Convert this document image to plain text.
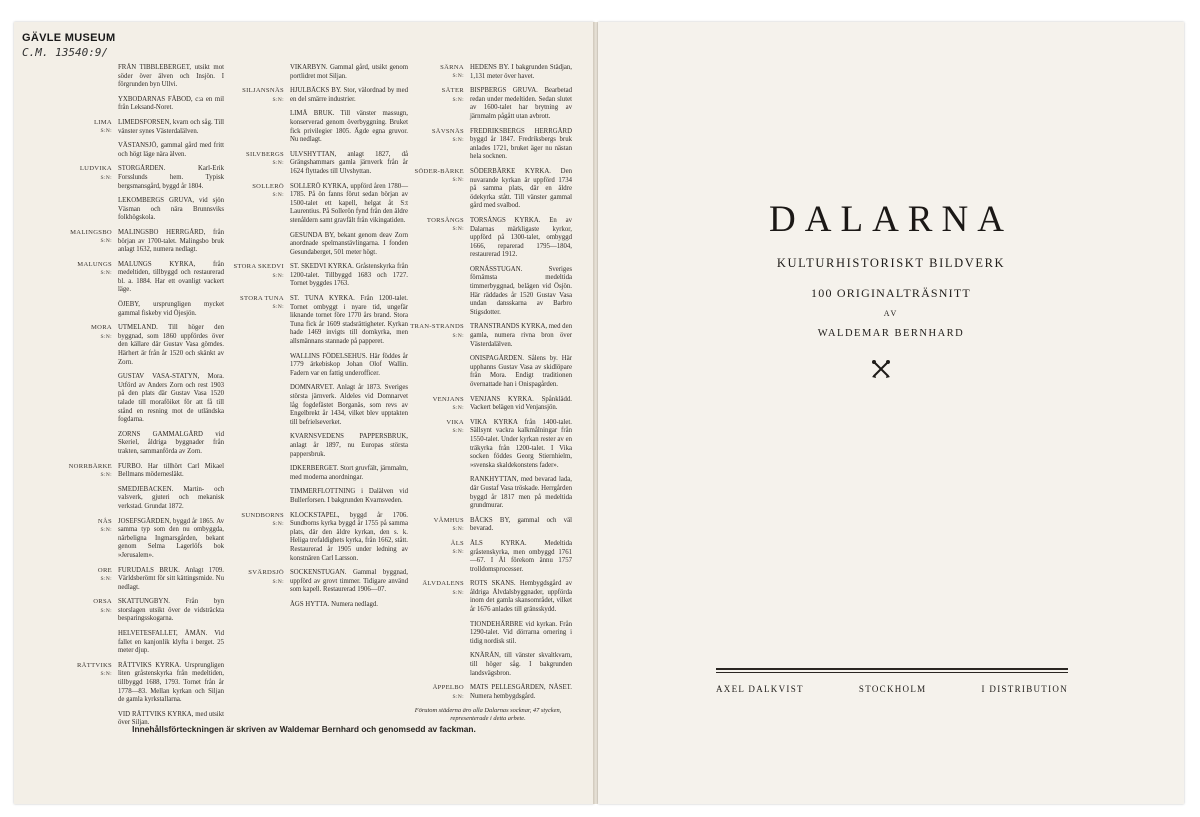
GÄVLE MUSEUM
C.M. 13540:9/
FRÅN TIBBLEBERGET, utsikt mot söder över älven och Insjön. I förgrunden byn Ullvi.
YXBODARNAS FÄBOD, c:a en mil från Leksand-Noret.
LIMA
S:N:
LIMEDSFORSEN, kvarn och såg. Till vänster synes Västerdalälven.
VÄSTANSJÖ, gammal gård med fritt och högt läge nära älven.
LUDVIKA
S:N:
STORGÅRDEN. Karl-Erik Forsslunds hem. Typisk bergsmansgård, byggd år 1804.
LEKOMBERGS GRUVA, vid sjön Väsman och nära Brunnsviks folkhögskola.
MALINGSBO
S:N:
MALINGSBO HERRGÅRD, från början av 1700-talet. Malingsbo bruk anlagt 1632, numera nedlagt.
MALUNGS
S:N:
MALUNGS KYRKA, från medeltiden, tillbyggd och restaurerad bl. a. 1884. Har ett ovanligt vackert läge.
ÖJEBY, ursprungligen mycket gammal fiskeby vid Öjesjön.
MORA
S:N:
UTMELAND. Till höger den byggnad, som 1860 uppfördes över den källare där Gustav Vasa gömdes. Härhert är från år 1520 och skänkt av Zorn.
GUSTAV VASA-STATYN, Mora. Utförd av Anders Zorn och rest 1903 på den plats där Gustav Vasa 1520 talade till moraföiket för att få till stånd en resning mot de utländska fogdarna.
ZORNS GAMMALGÅRD vid Skeriel, åldriga byggnader från trakten, sammanförda av Zorn.
NORRBÄRKE
S:N:
FURBO. Har tillhört Carl Mikael Bellmans mödernesläkt.
SMEDJEBACKEN. Martin- och valsverk, gjuteri och mekanisk verkstad. Grundat 1872.
NÅS
S:N:
JOSEFSGÅRDEN, byggd år 1865. Av samma typ som den nu ombyggda, närbeligna Ingmarsgården, bekant genom Selma Lagerlöfs bok »Jerusalem».
ORE
S:N:
FURUDALS BRUK. Anlagt 1709. Världsberömt för sitt kättingsmide. Nu nedlagt.
ORSA
S:N:
SKATTUNGBYN. Från byn storslagen utsikt över de vidsträckta besparingsskogarna.
HELVETESFALLET, ÄMÅN. Vid fallet en kanjonlik klyfta i berget. 25 meter djup.
RÄTTVIKS
S:N:
RÄTTVIKS KYRKA. Ursprungligen liten gråstenskyrka från medeltiden, tillbyggd 1688, 1793. Tornet från år 1778—83. Mellan kyrkan och Siljan de gamla kyrkstallarna.
VID RÄTTVIKS KYRKA, med utsikt över Siljan.
VIKARBYN. Gammal gård, utsikt genom portlidret mot Siljan.
SILJANSNÄS
S:N:
HJULBÄCKS BY. Stor, välordnad by med en del smärre industrier.
LIMÅ BRUK. Till vänster massugn, konserverad genom överbyggning. Bruket fick privilegier 1805. Ägde egna gruvor. Nu nedlagt.
SILVBERGS
S:N:
ULVSHYTTAN, anlagt 1827, då Grängshammars gamla järnverk från år 1624 flyttades till Ulvshyttan.
SOLLERÖ
S:N:
SOLLERÖ KYRKA, uppförd åren 1780—1785. På ön fanns förut sedan början av 1500-talet ett kapell, helgat åt S:t Laurentius. På Sollerön fynd från den äldre stenåldern samt gravfält från vikingatiden.
GESUNDA BY, bekant genom deav Zorn anordnade spelmanstävlingarna. I fonden Gesundaberget, 501 meter högt.
STORA SKEDVI
S:N:
ST. SKEDVI KYRKA. Gråstenskyrka från 1200-talet. Tillbyggd 1683 och 1727. Tornet byggdes 1763.
STORA TUNA
S:N:
ST. TUNA KYRKA. Från 1200-talet. Tornet ombyggt i nyare tid, ungefär liknande tornet före 1770 års brand. Stora Tuna fick år 1609 stadsrättigheter. Kyrkan hade 1469 invigts till domkyrka, men allsmännans stannade på papperet.
WALLINS FÖDELSEHUS. Här föddes år 1779 ärkebiskop Johan Olof Wallin. Fadern var en fattig underofficer.
DOMNARVET. Anlagt år 1873. Sveriges största järnverk. Aldeles vid Domnarvet låg fogdefästet Borganäs, som revs av Engelbrekt år 1434, vilket blev upptakten till befrielseverket.
KVARNSVEDENS PAPPERSBRUK, anlagt år 1897, nu Europas största pappersbruk.
IDKERBERGET. Stort gruvfält, järnmalm, med moderna anordningar.
TIMMERFLOTTNING i Dalälven vid Bullerforsen. I bakgrunden Kvarnsveden.
SUNDBORNS
S:N:
KLOCKSTAPEL, byggd år 1706. Sundborns kyrka byggd år 1755 på samma plats, där den äldre kyrkan, den s. k. Heliga trefaldighets kyrka, från 1662, stått. Restaurerad år 1905 under ledning av konstnären Carl Larsson.
SVÄRDSJÖ
S:N:
SOCKENSTUGAN. Gammal byggnad, uppförd av grovt timmer. Tidigare använd som kapell. Restaurerad 1906—07.
ÅGS HYTTA. Numera nedlagd.
SÄRNA
S:N:
HEDENS BY. I bakgrunden Städjan, 1,131 meter över havet.
SÄTER
S:N:
BISPBERGS GRUVA. Bearbetad redan under medeltiden. Sedan slutet av 1600-talet har brytning av järnmalm pågått utan avbrott.
SÄVSNÄS
S:N:
FREDRIKSBERGS HERRGÅRD byggd år 1847. Fredriksbergs bruk anlades 1721, bruket äger nu nästan hela socknen.
SÖDER-BÄRKE
S:N:
SÖDERBÄRKE KYRKA. Den nuvarande kyrkan är uppförd 1734 på samma plats, där en äldre ödekyrka stått. Till vänster gammal gård med svalbod.
TORSÅNGS
S:N:
TORSÅNGS KYRKA. En av Dalarnas märkligaste kyrkor, uppförd på 1300-talet, ombyggd 1666, reparerad 1795—1804, restaurerad 1912.
ORNÄSSTUGAN. Sveriges förnämsta medeltida timmerbyggnad, belägen vid Ösjön. Här räddades år 1520 Gustav Vasa undan dansskarna av Barbro Stigsdotter.
TRAN-STRANDS
S:N:
TRANSTRANDS KYRKA, med den gamla, numera rivna bron över Västerdalälven.
ONISPAGÅRDEN. Sålens by. Här upphanns Gustav Vasa av skidlöpare från Mora. Endigt traditionen övernattade han i Onispagården.
VENJANS
S:N:
VENJANS KYRKA. Spånklädd. Vackert belägen vid Venjansjön.
VIKA
S:N:
VIKA KYRKA från 1400-talet. Sällsynt vackra kalkmålningar från 1550-talet. Under kyrkan rester av en träkyrka från 1200-talet. I Vika socken föddes Georg Stiernhielm, »svenska skaldekonstens fader».
RANKHYTTAN, med bevarad lada, där Gustaf Vasa tröskade. Herrgården byggd år 1817 men på medeltida grundmurar.
VÅMHUS
S:N:
BÄCKS BY, gammal och väl bevarad.
ÅLS
S:N:
ÅLS KYRKA. Medeltida gråstenskyrka, men ombyggd 1761—67. I Ål förekom ännu 1757 trolldomsprocesser.
ÄLVDALENS
S:N:
ROTS SKANS. Hembygdsgård av åldriga Älvdalsbyggnader, uppförda inom det gamla skansområdet, vilket år 1676 anlades till gränsskydd.
TIONDEHÄRBRE vid kyrkan. Från 1290-talet. Vid dörrarna ornering i tidig nordisk stil.
KNÄRÅN, till vänster skvaltkvarn, till höger såg. I bakgrunden landsvägsbron.
ÄPPELBO
S:N:
MATS PELLESGÅRDEN, NÄSET. Numera hembygdsgård.
Förutom städerna äro alla Dalarnas socknar, 47 stycken, representerade i detta arbete.
Innehållsförteckningen är skriven av Waldemar Bernhard och genomsedd av fackman.
DALARNA
KULTURHISTORISKT BILDVERK
100 ORIGINALTRÄSNITT
AV
WALDEMAR BERNHARD
AXEL DALKVIST	STOCKHOLM	I DISTRIBUTION
